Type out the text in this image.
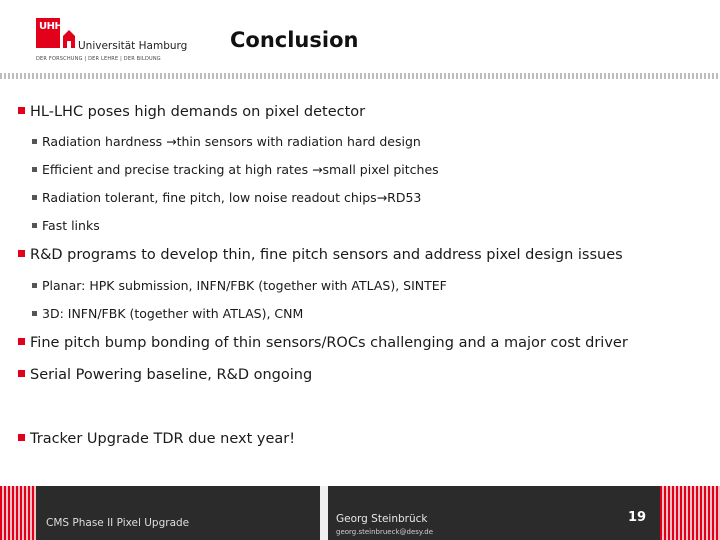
UHH
Universität Hamburg
DER FORSCHUNG | DER LEHRE | DER BILDUNG
Conclusion
HL-LHC poses high demands on pixel detector
Radiation hardness →thin sensors with radiation hard design
Efficient and precise tracking at high rates →small pixel pitches
Radiation tolerant, fine pitch, low noise readout chips→RD53
Fast links
R&D programs to develop thin, fine pitch sensors and address pixel design issues
Planar: HPK submission, INFN/FBK (together with ATLAS), SINTEF
3D: INFN/FBK (together with ATLAS), CNM
Fine pitch bump bonding of thin sensors/ROCs challenging and a major cost driver
Serial Powering baseline, R&D ongoing
Tracker Upgrade TDR due next year!
CMS Phase II Pixel Upgrade	Georg Steinbrück
georg.steinbrueck@desy.de
19
